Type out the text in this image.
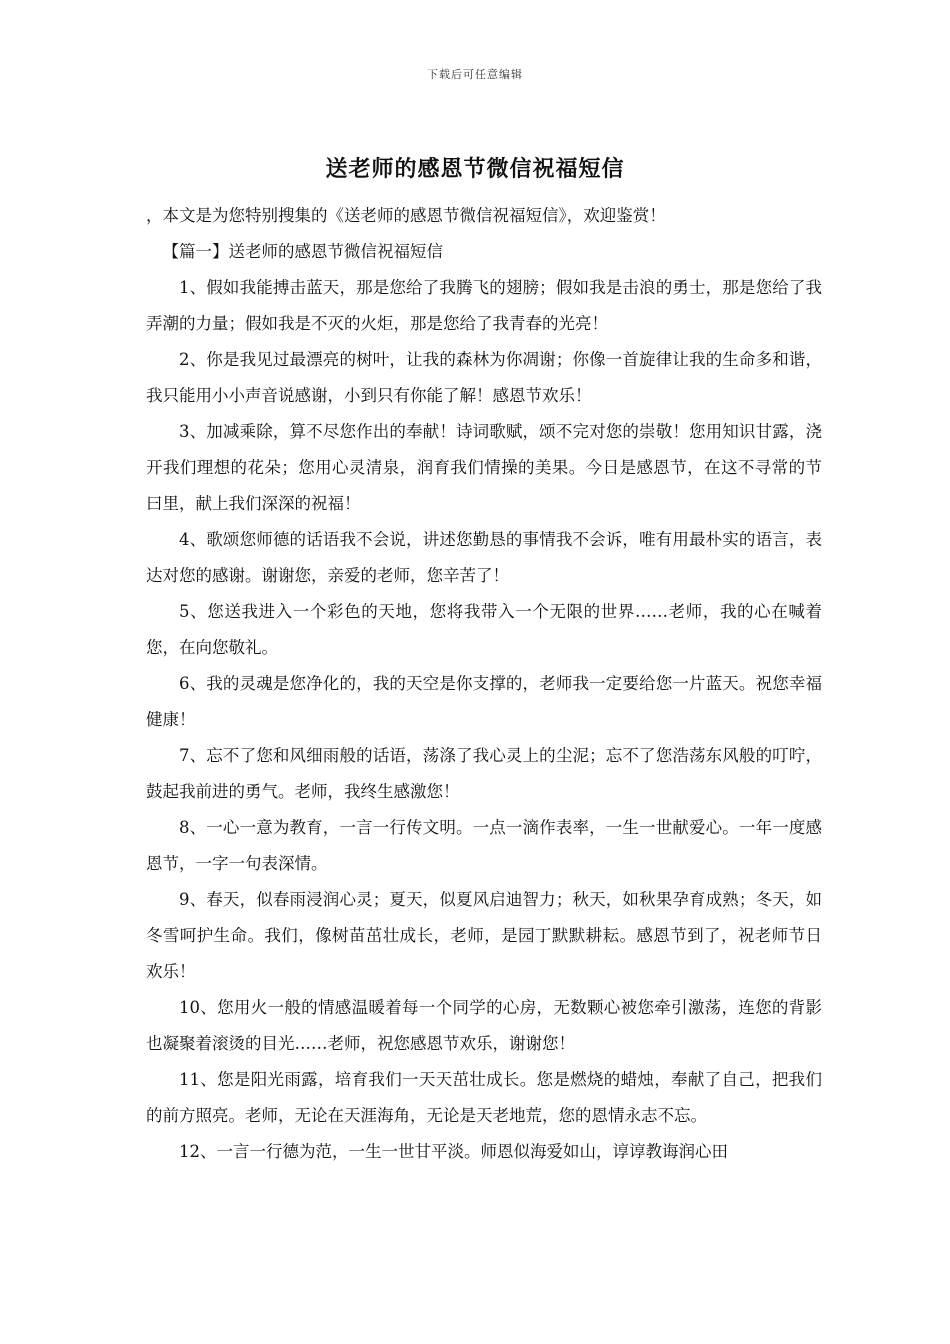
下载后可任意编辑
送老师的感恩节微信祝福短信

，本文是为您特别搜集的《送老师的感恩节微信祝福短信》，欢迎鉴赏！

【篇一】送老师的感恩节微信祝福短信

1、假如我能搏击蓝天，那是您给了我腾飞的翅膀；假如我是击浪的勇士，那是您给了我弄潮的力量；假如我是不灭的火炬，那是您给了我青春的光亮！

2、你是我见过最漂亮的树叶，让我的森林为你凋谢；你像一首旋律让我的生命多和谐，我只能用小小声音说感谢，小到只有你能了解！感恩节欢乐！

3、加减乘除，算不尽您作出的奉献！诗词歌赋，颂不完对您的崇敬！您用知识甘露，浇开我们理想的花朵；您用心灵清泉，润育我们情操的美果。今日是感恩节，在这不寻常的节曰里，献上我们深深的祝福！

4、歌颂您师德的话语我不会说，讲述您勤恳的事情我不会诉，唯有用最朴实的语言，表达对您的感谢。谢谢您，亲爱的老师，您辛苦了！

5、您送我进入一个彩色的天地，您将我带入一个无限的世界……老师，我的心在喊着您，在向您敬礼。

6、我的灵魂是您净化的，我的天空是你支撑的，老师我一定要给您一片蓝天。祝您幸福健康！

7、忘不了您和风细雨般的话语，荡涤了我心灵上的尘泥；忘不了您浩荡东风般的叮咛，鼓起我前进的勇气。老师，我终生感激您！

8、一心一意为教育，一言一行传文明。一点一滴作表率，一生一世献爱心。一年一度感恩节，一字一句表深情。

9、春天，似春雨浸润心灵；夏天，似夏风启迪智力；秋天，如秋果孕育成熟；冬天，如冬雪呵护生命。我们，像树苗茁壮成长，老师，是园丁默默耕耘。感恩节到了，祝老师节日欢乐！

10、您用火一般的情感温暖着每一个同学的心房，无数颗心被您牵引激荡，连您的背影也凝聚着滚烫的目光……老师，祝您感恩节欢乐，谢谢您！

11、您是阳光雨露，培育我们一天天茁壮成长。您是燃烧的蜡烛，奉献了自己，把我们的前方照亮。老师，无论在天涯海角，无论是天老地荒，您的恩情永志不忘。

12、一言一行德为范，一生一世甘平淡。师恩似海爱如山，谆谆教诲润心田
